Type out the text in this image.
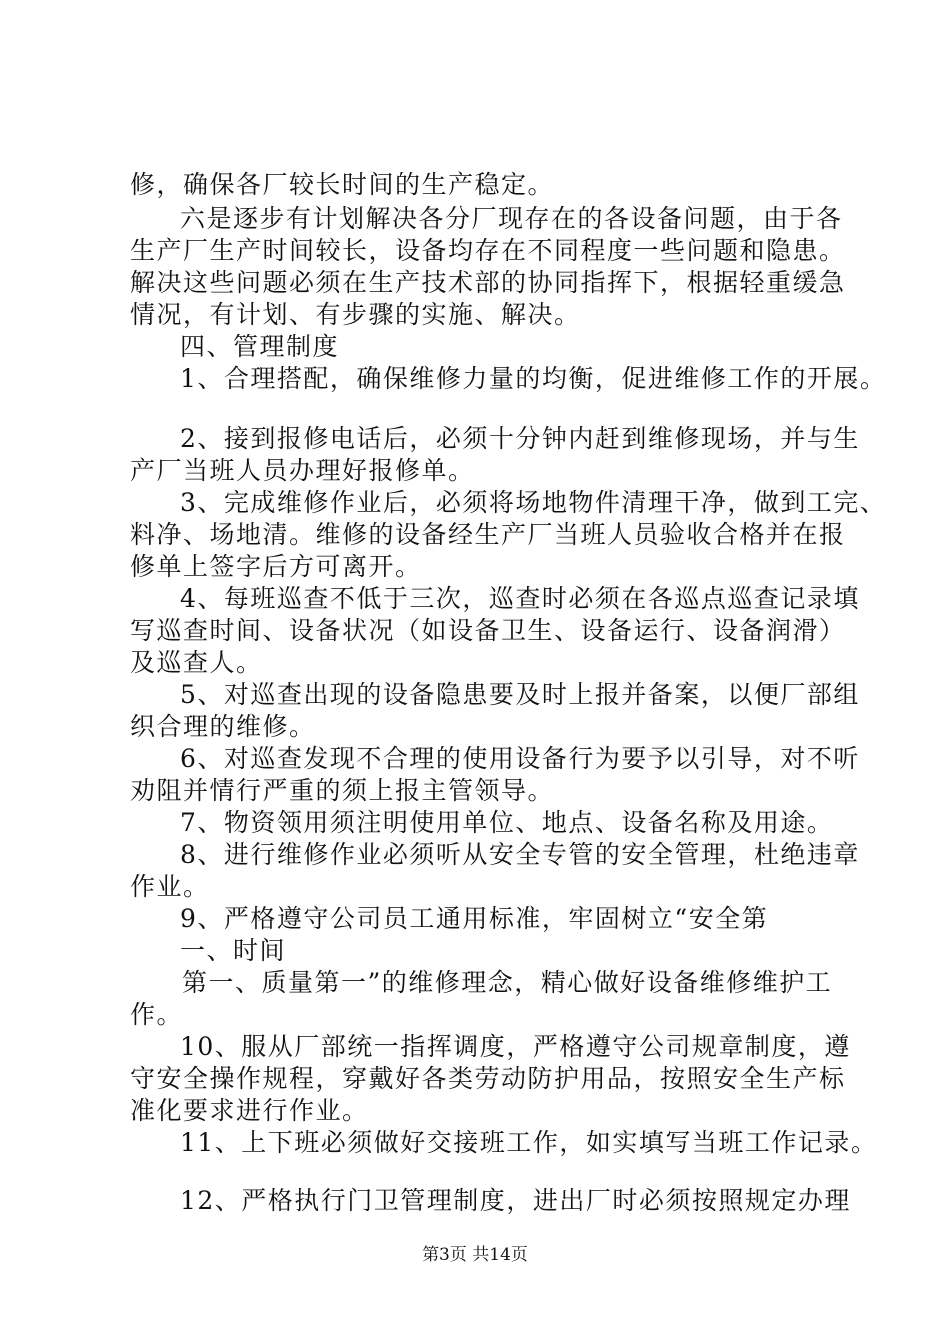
修，确保各厂较长时间的生产稳定。
六是逐步有计划解决各分厂现存在的各设备问题，由于各
生产厂生产时间较长，设备均存在不同程度一些问题和隐患。
解决这些问题必须在生产技术部的协同指挥下，根据轻重缓急
情况，有计划、有步骤的实施、解决。
四、管理制度
1、合理搭配，确保维修力量的均衡，促进维修工作的开展。
2、接到报修电话后，必须十分钟内赶到维修现场，并与生
产厂当班人员办理好报修单。
3、完成维修作业后，必须将场地物件清理干净，做到工完、
料净、场地清。维修的设备经生产厂当班人员验收合格并在报
修单上签字后方可离开。
4、每班巡查不低于三次，巡查时必须在各巡点巡查记录填
写巡查时间、设备状况（如设备卫生、设备运行、设备润滑）
及巡查人。
5、对巡查出现的设备隐患要及时上报并备案，以便厂部组
织合理的维修。
6、对巡查发现不合理的使用设备行为要予以引导，对不听
劝阻并情行严重的须上报主管领导。
7、物资领用须注明使用单位、地点、设备名称及用途。
8、进行维修作业必须听从安全专管的安全管理，杜绝违章
作业。
9、严格遵守公司员工通用标准，牢固树立“安全第
一、时间
第一、质量第一”的维修理念，精心做好设备维修维护工
作。
10、服从厂部统一指挥调度，严格遵守公司规章制度，遵
守安全操作规程，穿戴好各类劳动防护用品，按照安全生产标
准化要求进行作业。
11、上下班必须做好交接班工作，如实填写当班工作记录。
12、严格执行门卫管理制度，进出厂时必须按照规定办理
第3页 共14页
